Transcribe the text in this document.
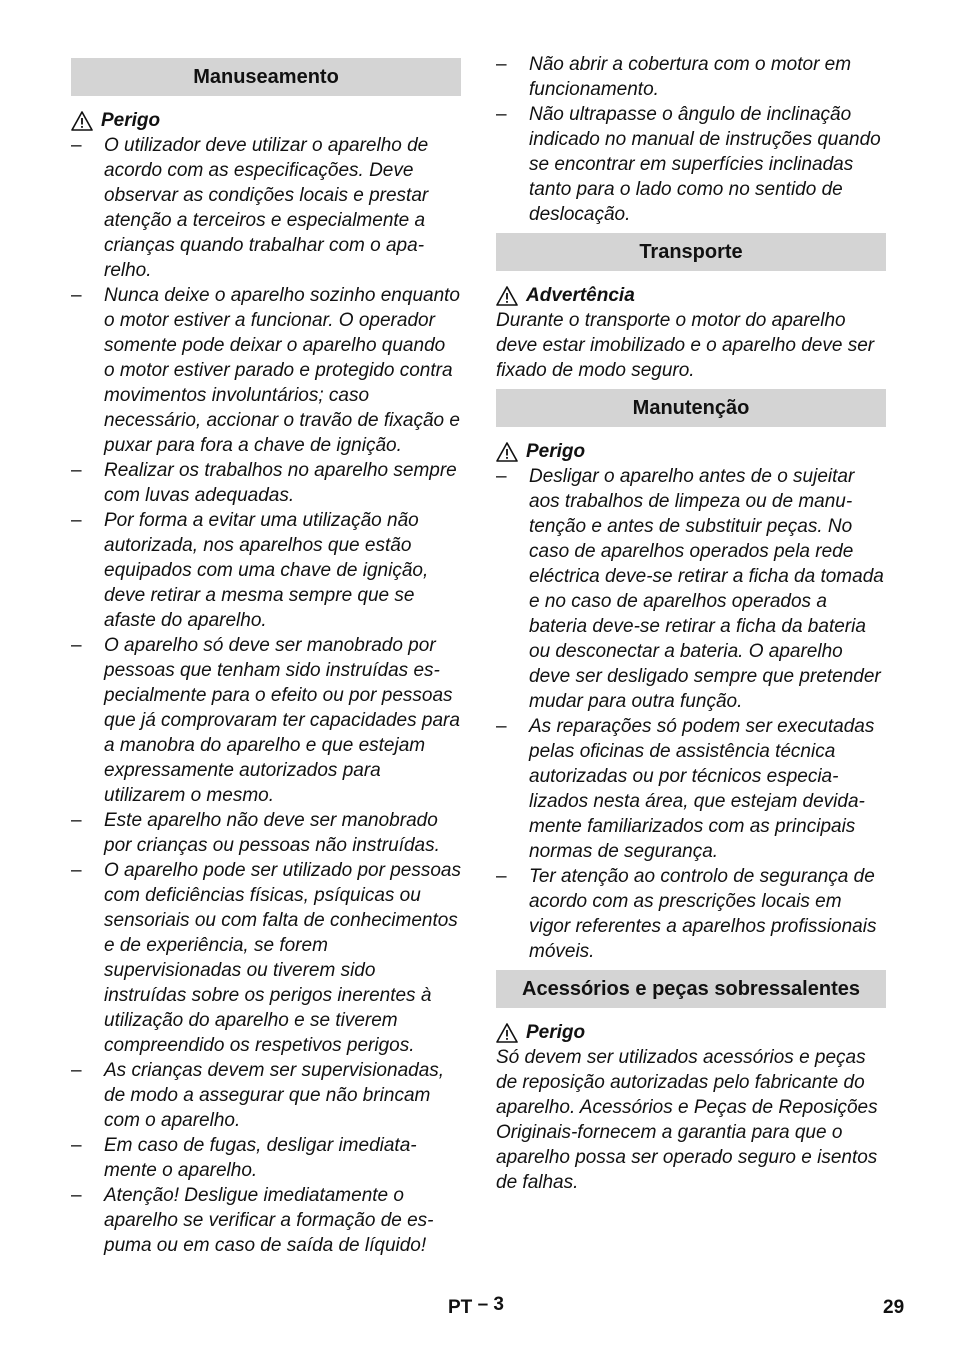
Manuseamento
Perigo
– O utilizador deve utilizar o aparelho de acordo com as especificações. Deve observar as condições locais e prestar atenção a terceiros e especialmente a crianças quando trabalhar com o aparelho.
– Nunca deixe o aparelho sozinho enquanto o motor estiver a funcionar. O operador somente pode deixar o aparelho quando o motor estiver parado e protegido contra movimentos involuntários; caso necessário, accionar o travão de fixação e puxar para fora a chave de ignição.
– Realizar os trabalhos no aparelho sempre com luvas adequadas.
– Por forma a evitar uma utilização não autorizada, nos aparelhos que estão equipados com uma chave de ignição, deve retirar a mesma sempre que se afaste do aparelho.
– O aparelho só deve ser manobrado por pessoas que tenham sido instruídas especialmente para o efeito ou por pessoas que já comprovaram ter capacidades para a manobra do aparelho e que estejam expressamente autorizados para utilizarem o mesmo.
– Este aparelho não deve ser manobrado por crianças ou pessoas não instruídas.
– O aparelho pode ser utilizado por pessoas com deficiências físicas, psíquicas ou sensoriais ou com falta de conhecimentos e de experiência, se forem supervisionadas ou tiverem sido instruídas sobre os perigos inerentes à utilização do aparelho e se tiverem compreendido os respetivos perigos.
– As crianças devem ser supervisionadas, de modo a assegurar que não brincam com o aparelho.
– Em caso de fugas, desligar imediatamente o aparelho.
– Atenção! Desligue imediatamente o aparelho se verificar a formação de espuma ou em caso de saída de líquido!
– Não abrir a cobertura com o motor em funcionamento.
– Não ultrapasse o ângulo de inclinação indicado no manual de instruções quando se encontrar em superfícies inclinadas tanto para o lado como no sentido de deslocação.
Transporte
Advertência

Durante o transporte o motor do aparelho deve estar imobilizado e o aparelho deve ser fixado de modo seguro.

Manutenção
Perigo
– Desligar o aparelho antes de o sujeitar aos trabalhos de limpeza ou de manutenção e antes de substituir peças. No caso de aparelhos operados pela rede eléctrica deve-se retirar a ficha da tomada e no caso de aparelhos operados a bateria deve-se retirar a ficha da bateria ou desconectar a bateria. O aparelho deve ser desligado sempre que pretender mudar para outra função.
– As reparações só podem ser executadas pelas oficinas de assistência técnica autorizadas ou por técnicos especializados nesta área, que estejam devidamente familiarizados com as principais normas de segurança.
– Ter atenção ao controlo de segurança de acordo com as prescrições locais em vigor referentes a aparelhos profissionais móveis.
Acessórios e peças sobressalentes
Perigo

Só devem ser utilizados acessórios e peças de reposição autorizadas pelo fabricante do aparelho. Acessórios e Peças de Reposições Originais-fornecem a garantia para que o aparelho possa ser operado seguro e isentos de falhas.

PT – 3	29
